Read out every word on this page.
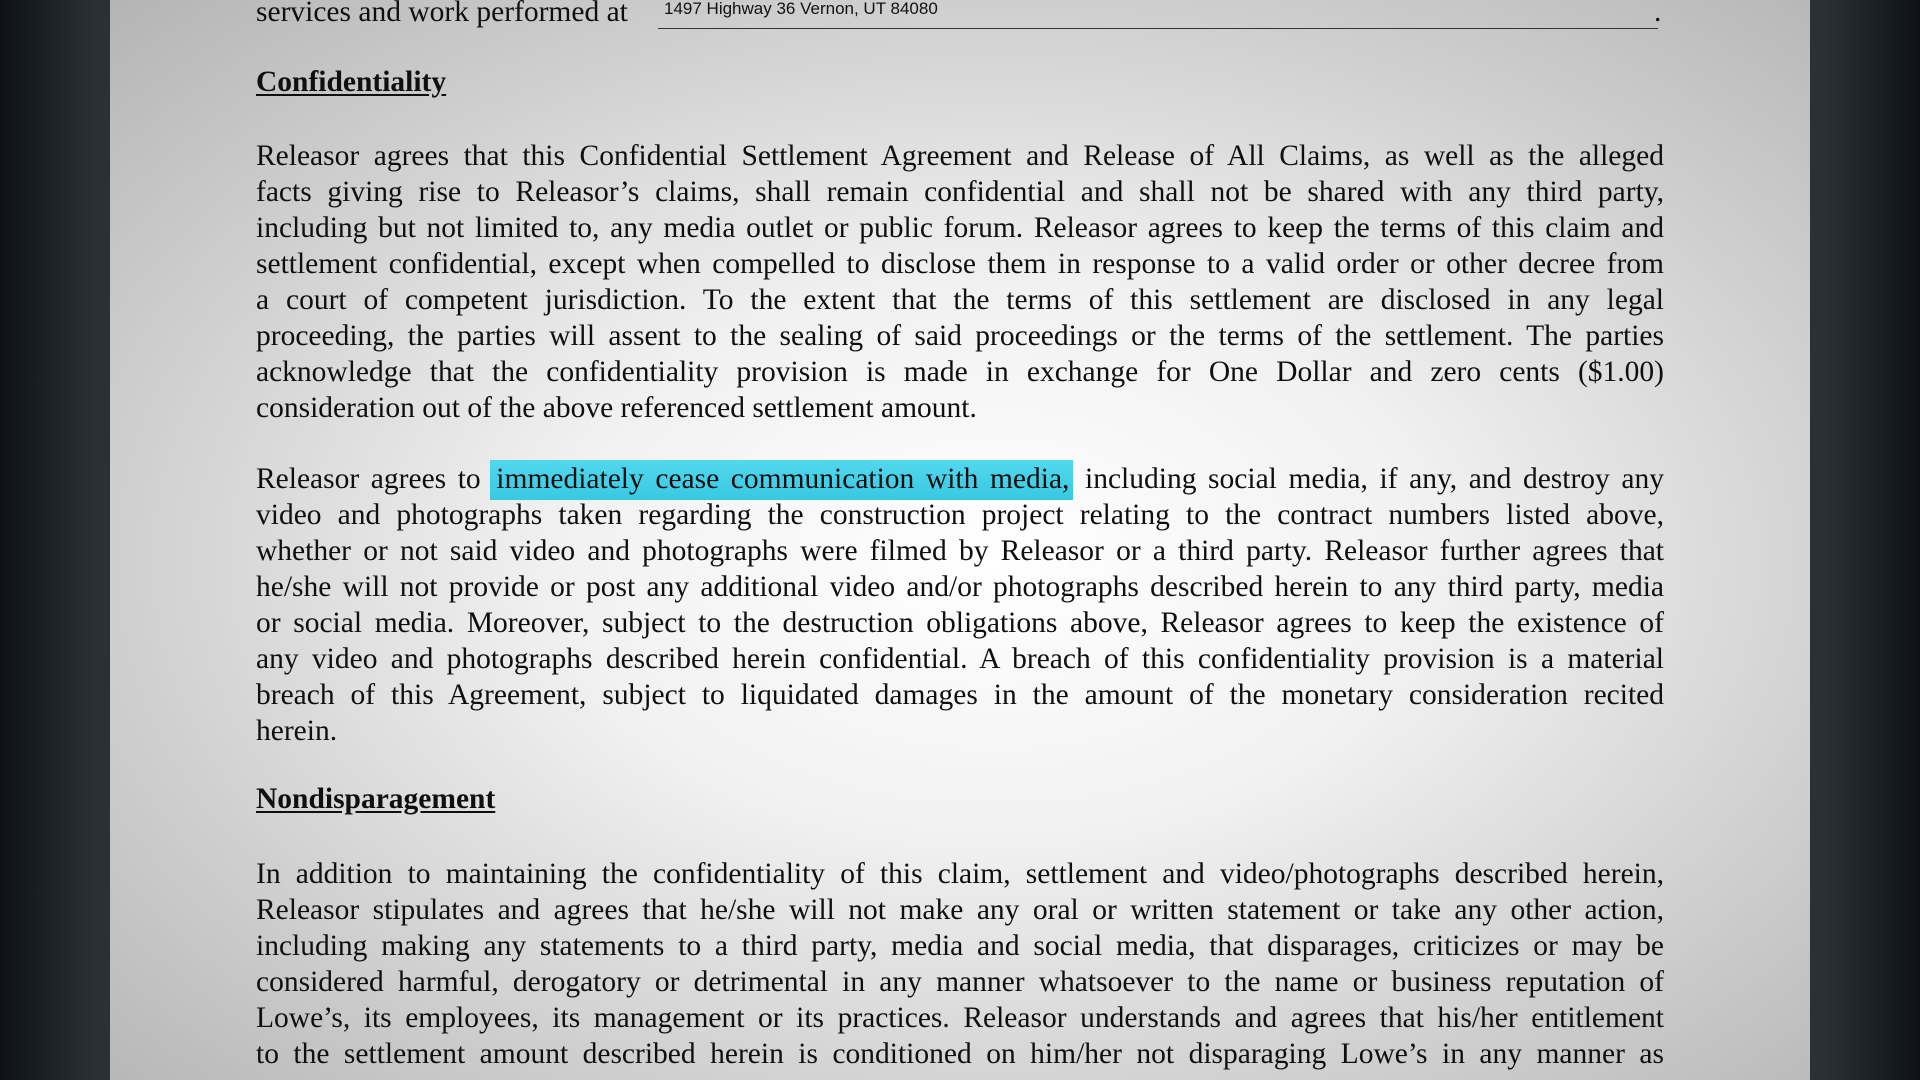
services and work performed at	1497 Highway 36 Vernon, UT 84080	.
Confidentiality
Releasor agrees that this Confidential Settlement Agreement and Release of All Claims, as well as the alleged
facts giving rise to Releasor’s claims, shall remain confidential and shall not be shared with any third party,
including but not limited to, any media outlet or public forum. Releasor agrees to keep the terms of this claim and
settlement confidential, except when compelled to disclose them in response to a valid order or other decree from
a court of competent jurisdiction. To the extent that the terms of this settlement are disclosed in any legal
proceeding, the parties will assent to the sealing of said proceedings or the terms of the settlement. The parties
acknowledge that the confidentiality provision is made in exchange for One Dollar and zero cents ($1.00)
consideration out of the above referenced settlement amount.
Releasor agrees to immediately cease communication with media, including social media, if any, and destroy any
video and photographs taken regarding the construction project relating to the contract numbers listed above,
whether or not said video and photographs were filmed by Releasor or a third party. Releasor further agrees that
he/she will not provide or post any additional video and/or photographs described herein to any third party, media
or social media. Moreover, subject to the destruction obligations above, Releasor agrees to keep the existence of
any video and photographs described herein confidential. A breach of this confidentiality provision is a material
breach of this Agreement, subject to liquidated damages in the amount of the monetary consideration recited
herein.
Nondisparagement
In addition to maintaining the confidentiality of this claim, settlement and video/photographs described herein,
Releasor stipulates and agrees that he/she will not make any oral or written statement or take any other action,
including making any statements to a third party, media and social media, that disparages, criticizes or may be
considered harmful, derogatory or detrimental in any manner whatsoever to the name or business reputation of
Lowe’s, its employees, its management or its practices. Releasor understands and agrees that his/her entitlement
to the settlement amount described herein is conditioned on him/her not disparaging Lowe’s in any manner as
